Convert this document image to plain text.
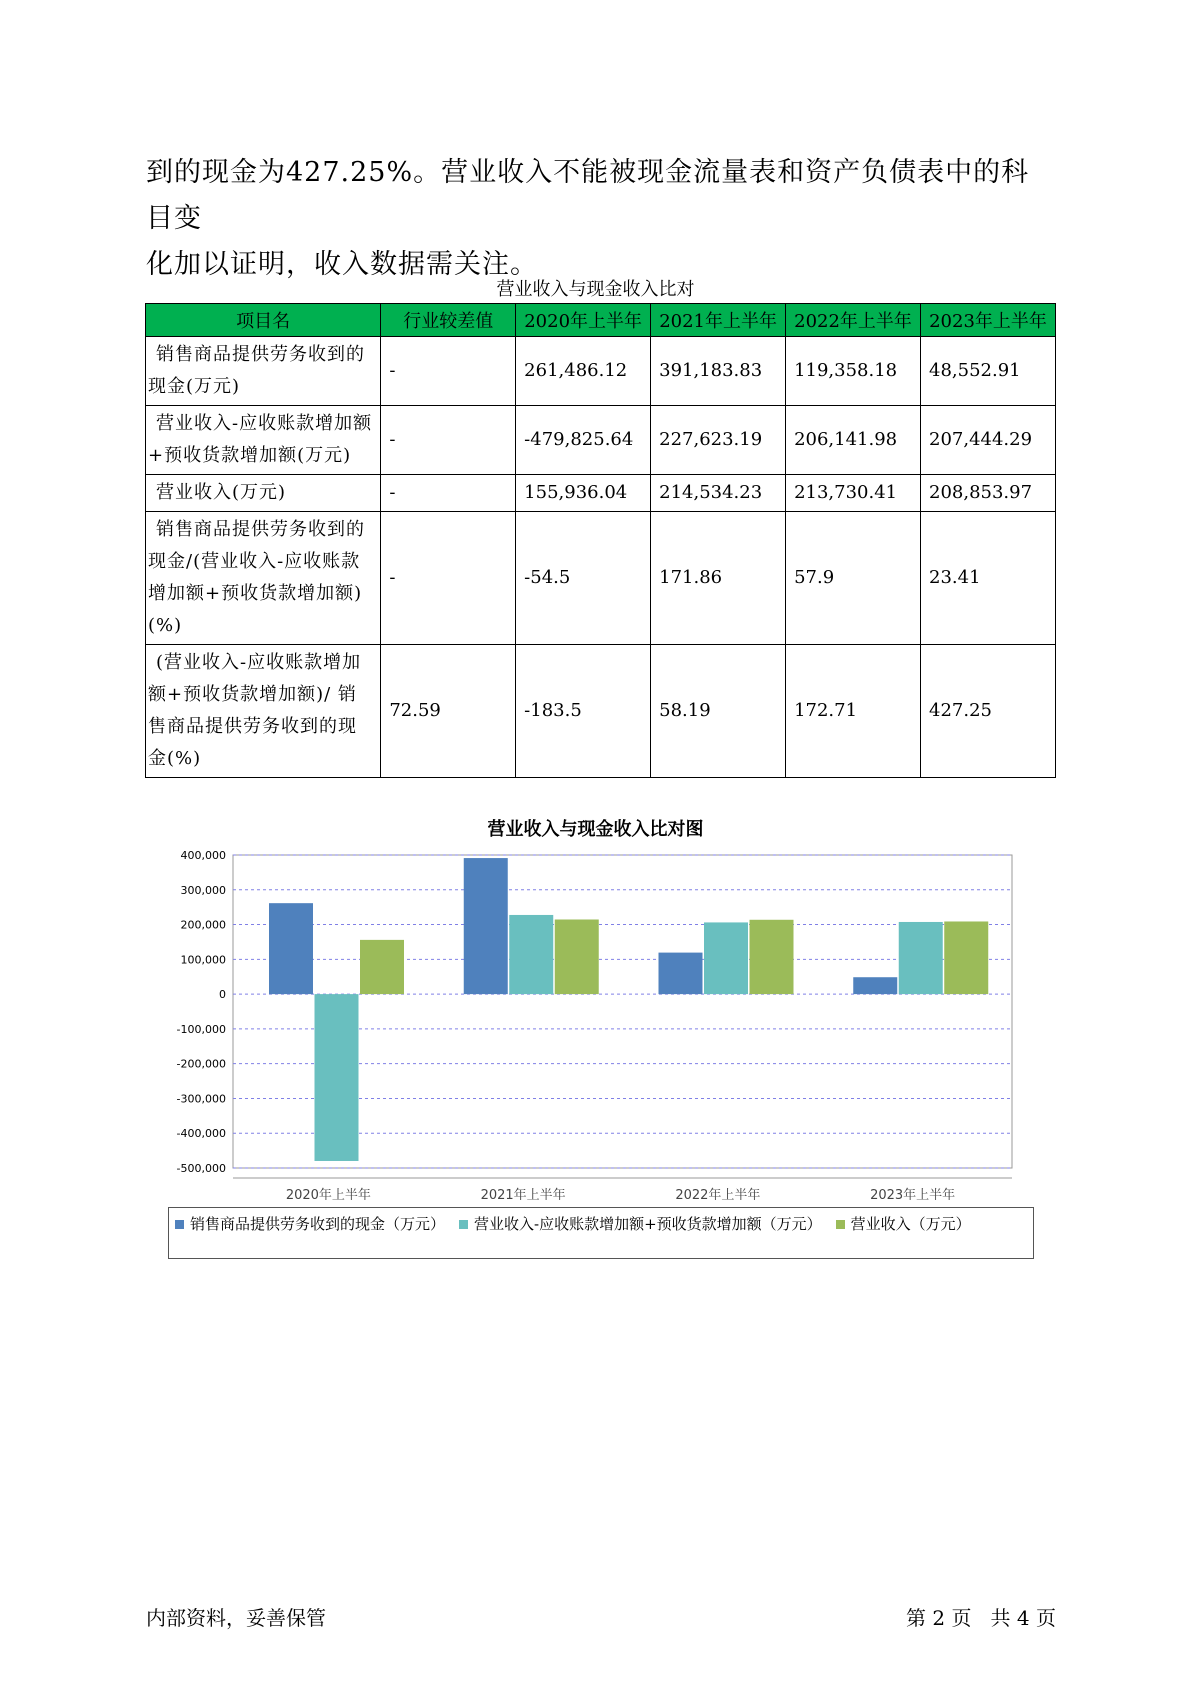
到的现金为427.25%。营业收入不能被现金流量表和资产负债表中的科目变
化加以证明，收入数据需关注。
营业收入与现金收入比对
项目名	行业较差值	2020年上半年	2021年上半年	2022年上半年	2023年上半年
销售商品提供劳务收到的现金(万元)	-	261,486.12	391,183.83	119,358.18	48,552.91
营业收入-应收账款增加额+预收货款增加额(万元)	-	-479,825.64	227,623.19	206,141.98	207,444.29
营业收入(万元)	-	155,936.04	214,534.23	213,730.41	208,853.97
销售商品提供劳务收到的现金/(营业收入-应收账款增加额+预收货款增加额)(%)	-	-54.5	171.86	57.9	23.41
(营业收入-应收账款增加额+预收货款增加额)/ 销售商品提供劳务收到的现金(%)	72.59	-183.5	58.19	172.71	427.25
营业收入与现金收入比对图
400,000
300,000
200,000
100,000
0
-100,000
-200,000
-300,000
-400,000
-500,000
2020年上半年	2021年上半年	2022年上半年	2023年上半年
销售商品提供劳务收到的现金（万元） 营业收入-应收账款增加额+预收货款增加额（万元） 营业收入（万元）
内部资料，妥善保管	第 2 页   共 4 页
